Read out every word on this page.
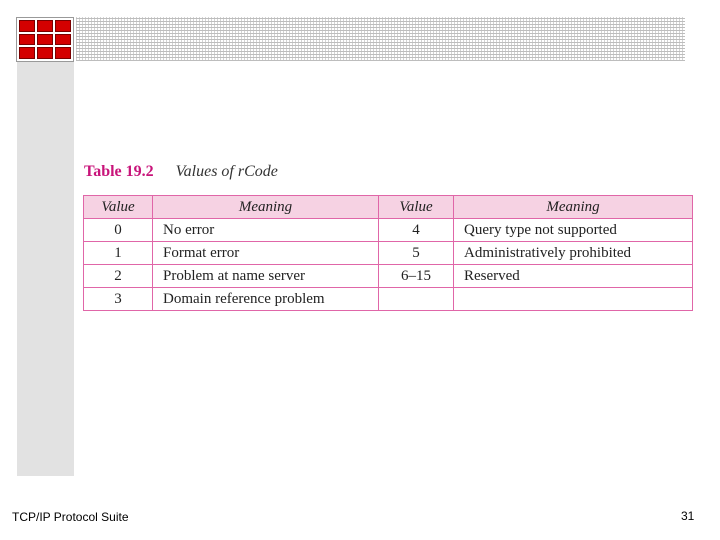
Table 19.2 Values of rCode
Value	Meaning	Value	Meaning
0	No error	4	Query type not supported
1	Format error	5	Administratively prohibited
2	Problem at name server	6–15	Reserved
3	Domain reference problem		
TCP/IP Protocol Suite	31
